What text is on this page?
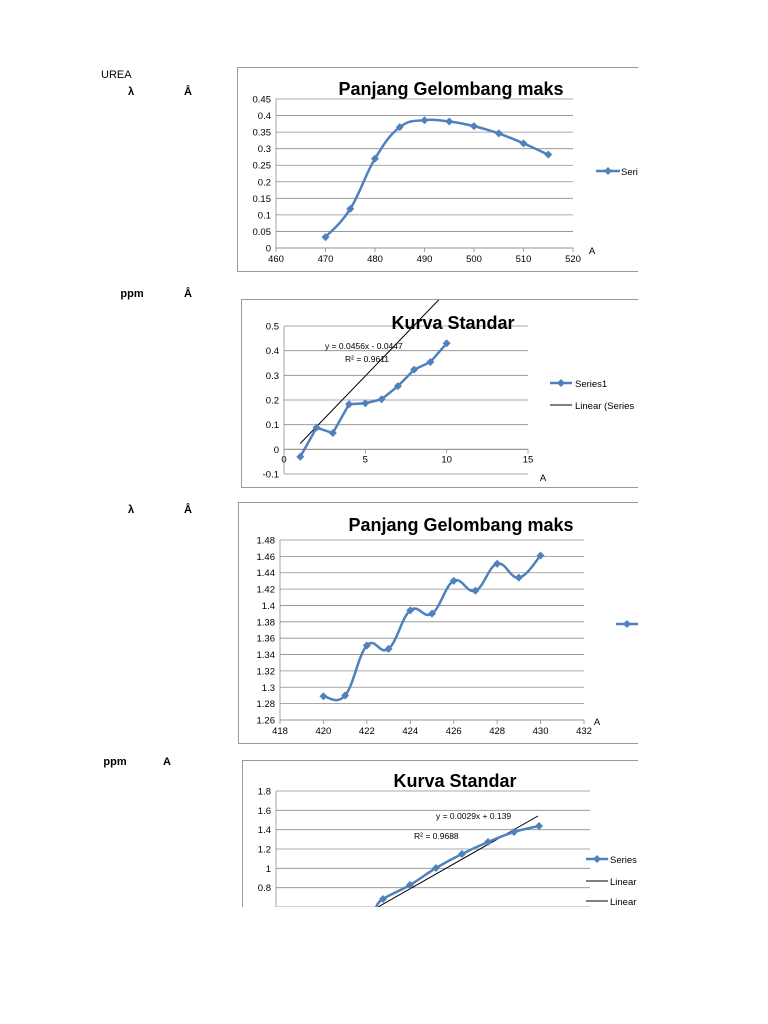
UREA
λ	Å
ppm	Å
λ	Å
ppm	A
0
0.05
0.1
0.15
0.2
0.25
0.3
0.35
0.4
0.45
460	470	480	490	500	510	520
Panjang Gelombang maks
A
Seri
-0.1
0
0.1
0.2
0.3
0.4
0.5
0	5	10	15
Kurva Standar
A
y = 0.0456x - 0.0447
R² = 0.9611
Series1
Linear (Series
1.26
1.28
1.3
1.32
1.34
1.36
1.38
1.4
1.42
1.44
1.46
1.48
418	420	422	424	426	428	430	432
Panjang Gelombang maks
A
0.8
1
1.2
1.4
1.6
1.8
Kurva Standar
y = 0.0029x + 0.139
R² = 0.9688
Series
Linear
Linear
